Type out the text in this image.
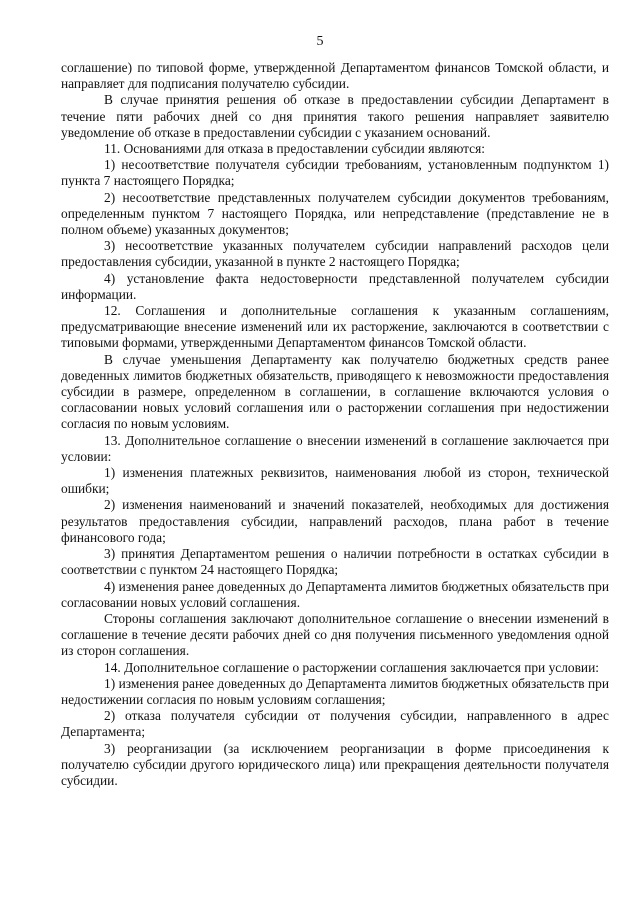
5

соглашение) по типовой форме, утвержденной Департаментом финансов Томской области, и направляет для подписания получателю субсидии.

В случае принятия решения об отказе в предоставлении субсидии Департамент в течение пяти рабочих дней со дня принятия такого решения направляет заявителю уведомление об отказе в предоставлении субсидии с указанием оснований.

11. Основаниями для отказа в предоставлении субсидии являются:

1) несоответствие получателя субсидии требованиям, установленным подпунктом 1) пункта 7 настоящего Порядка;

2) несоответствие представленных получателем субсидии документов требованиям, определенным пунктом 7 настоящего Порядка, или непредставление (представление не в полном объеме) указанных документов;

3) несоответствие указанных получателем субсидии направлений расходов цели предоставления субсидии, указанной в пункте 2 настоящего Порядка;

4) установление факта недостоверности представленной получателем субсидии информации.

12. Соглашения и дополнительные соглашения к указанным соглашениям, предусматривающие внесение изменений или их расторжение, заключаются в соответствии с типовыми формами, утвержденными Департаментом финансов Томской области.

В случае уменьшения Департаменту как получателю бюджетных средств ранее доведенных лимитов бюджетных обязательств, приводящего к невозможности предоставления субсидии в размере, определенном в соглашении, в соглашение включаются условия о согласовании новых условий соглашения или о расторжении соглашения при недостижении согласия по новым условиям.

13. Дополнительное соглашение о внесении изменений в соглашение заключается при условии:

1) изменения платежных реквизитов, наименования любой из сторон, технической ошибки;

2) изменения наименований и значений показателей, необходимых для достижения результатов предоставления субсидии, направлений расходов, плана работ в течение финансового года;

3) принятия Департаментом решения о наличии потребности в остатках субсидии в соответствии с пунктом 24 настоящего Порядка;

4) изменения ранее доведенных до Департамента лимитов бюджетных обязательств при согласовании новых условий соглашения.

Стороны соглашения заключают дополнительное соглашение о внесении изменений в соглашение в течение десяти рабочих дней со дня получения письменного уведомления одной из сторон соглашения.

14. Дополнительное соглашение о расторжении соглашения заключается при условии:

1) изменения ранее доведенных до Департамента лимитов бюджетных обязательств при недостижении согласия по новым условиям соглашения;

2) отказа получателя субсидии от получения субсидии, направленного в адрес Департамента;

3) реорганизации (за исключением реорганизации в форме присоединения к получателю субсидии другого юридического лица) или прекращения деятельности получателя субсидии.
